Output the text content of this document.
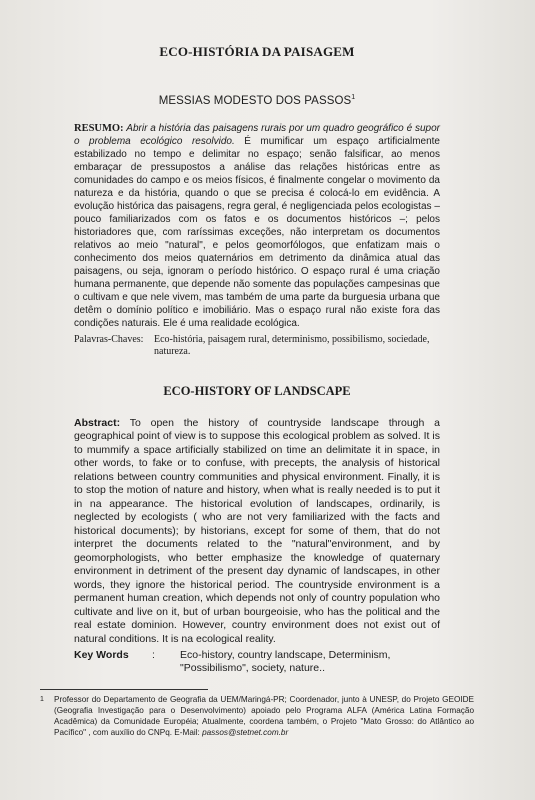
ECO-HISTÓRIA DA PAISAGEM
MESSIAS MODESTO DOS PASSOS$^1$
RESUMO: Abrir a história das paisagens rurais por um quadro geográfico é supor o problema ecológico resolvido. É mumificar um espaço artificialmente estabilizado no tempo e delimitar no espaço; senão falsificar, ao menos embaraçar de pressupostos a análise das relações históricas entre as comunidades do campo e os meios físicos, é finalmente congelar o movimento da natureza e da história, quando o que se precisa é colocá-lo em evidência. A evolução histórica das paisagens, regra geral, é negligenciada pelos ecologistas – pouco familiarizados com os fatos e os documentos históricos –; pelos historiadores que, com raríssimas exceções, não interpretam os documentos relativos ao meio "natural", e pelos geomorfólogos, que enfatizam mais o conhecimento dos meios quaternários em detrimento da dinâmica atual das paisagens, ou seja, ignoram o período histórico. O espaço rural é uma criação humana permanente, que depende não somente das populações campesinas que o cultivam e que nele vivem, mas também de uma parte da burguesia urbana que detêm o domínio político e imobiliário. Mas o espaço rural não existe fora das condições naturais. Ele é uma realidade ecológica.
Palavras-Chaves:	Eco-história, paisagem rural, determinismo, possibilismo, sociedade, natureza.
ECO-HISTORY OF LANDSCAPE
Abstract: To open the history of countryside landscape through a geographical point of view is to suppose this ecological problem as solved. It is to mummify a space artificially stabilized on time an delimitate it in space, in other words, to fake or to confuse, with precepts, the analysis of historical relations between country communities and physical environment. Finally, it is to stop the motion of nature and history, when what is really needed is to put it in na appearance. The historical evolution of landscapes, ordinarily, is neglected by ecologists ( who are not very familiarized with the facts and historical documents); by historians, except for some of them, that do not interpret the documents related to the "natural"environment, and by geomorphologists, who better emphasize the knowledge of quaternary environment in detriment of the present day dynamic of landscapes, in other words, they ignore the historical period. The countryside environment is a permanent human creation, which depends not only of country population who cultivate and live on it, but of urban bourgeoisie, who has the political and the real estate dominion. However, country environment does not exist out of natural conditions. It is na ecological reality.
Key Words	:	Eco-history, country landscape, Determinism, "Possibilismo", society, nature..
1	Professor do Departamento de Geografia da UEM/Maringá-PR; Coordenador, junto à UNESP, do Projeto GEOIDE (Geografia Investigação para o Desenvolvimento) apoiado pelo Programa ALFA (América Latina Formação Acadêmica) da Comunidade Européia; Atualmente, coordena também, o Projeto "Mato Grosso: do Atlântico ao Pacífico" , com auxílio do CNPq. E-Mail: passos@stetnet.com.br
